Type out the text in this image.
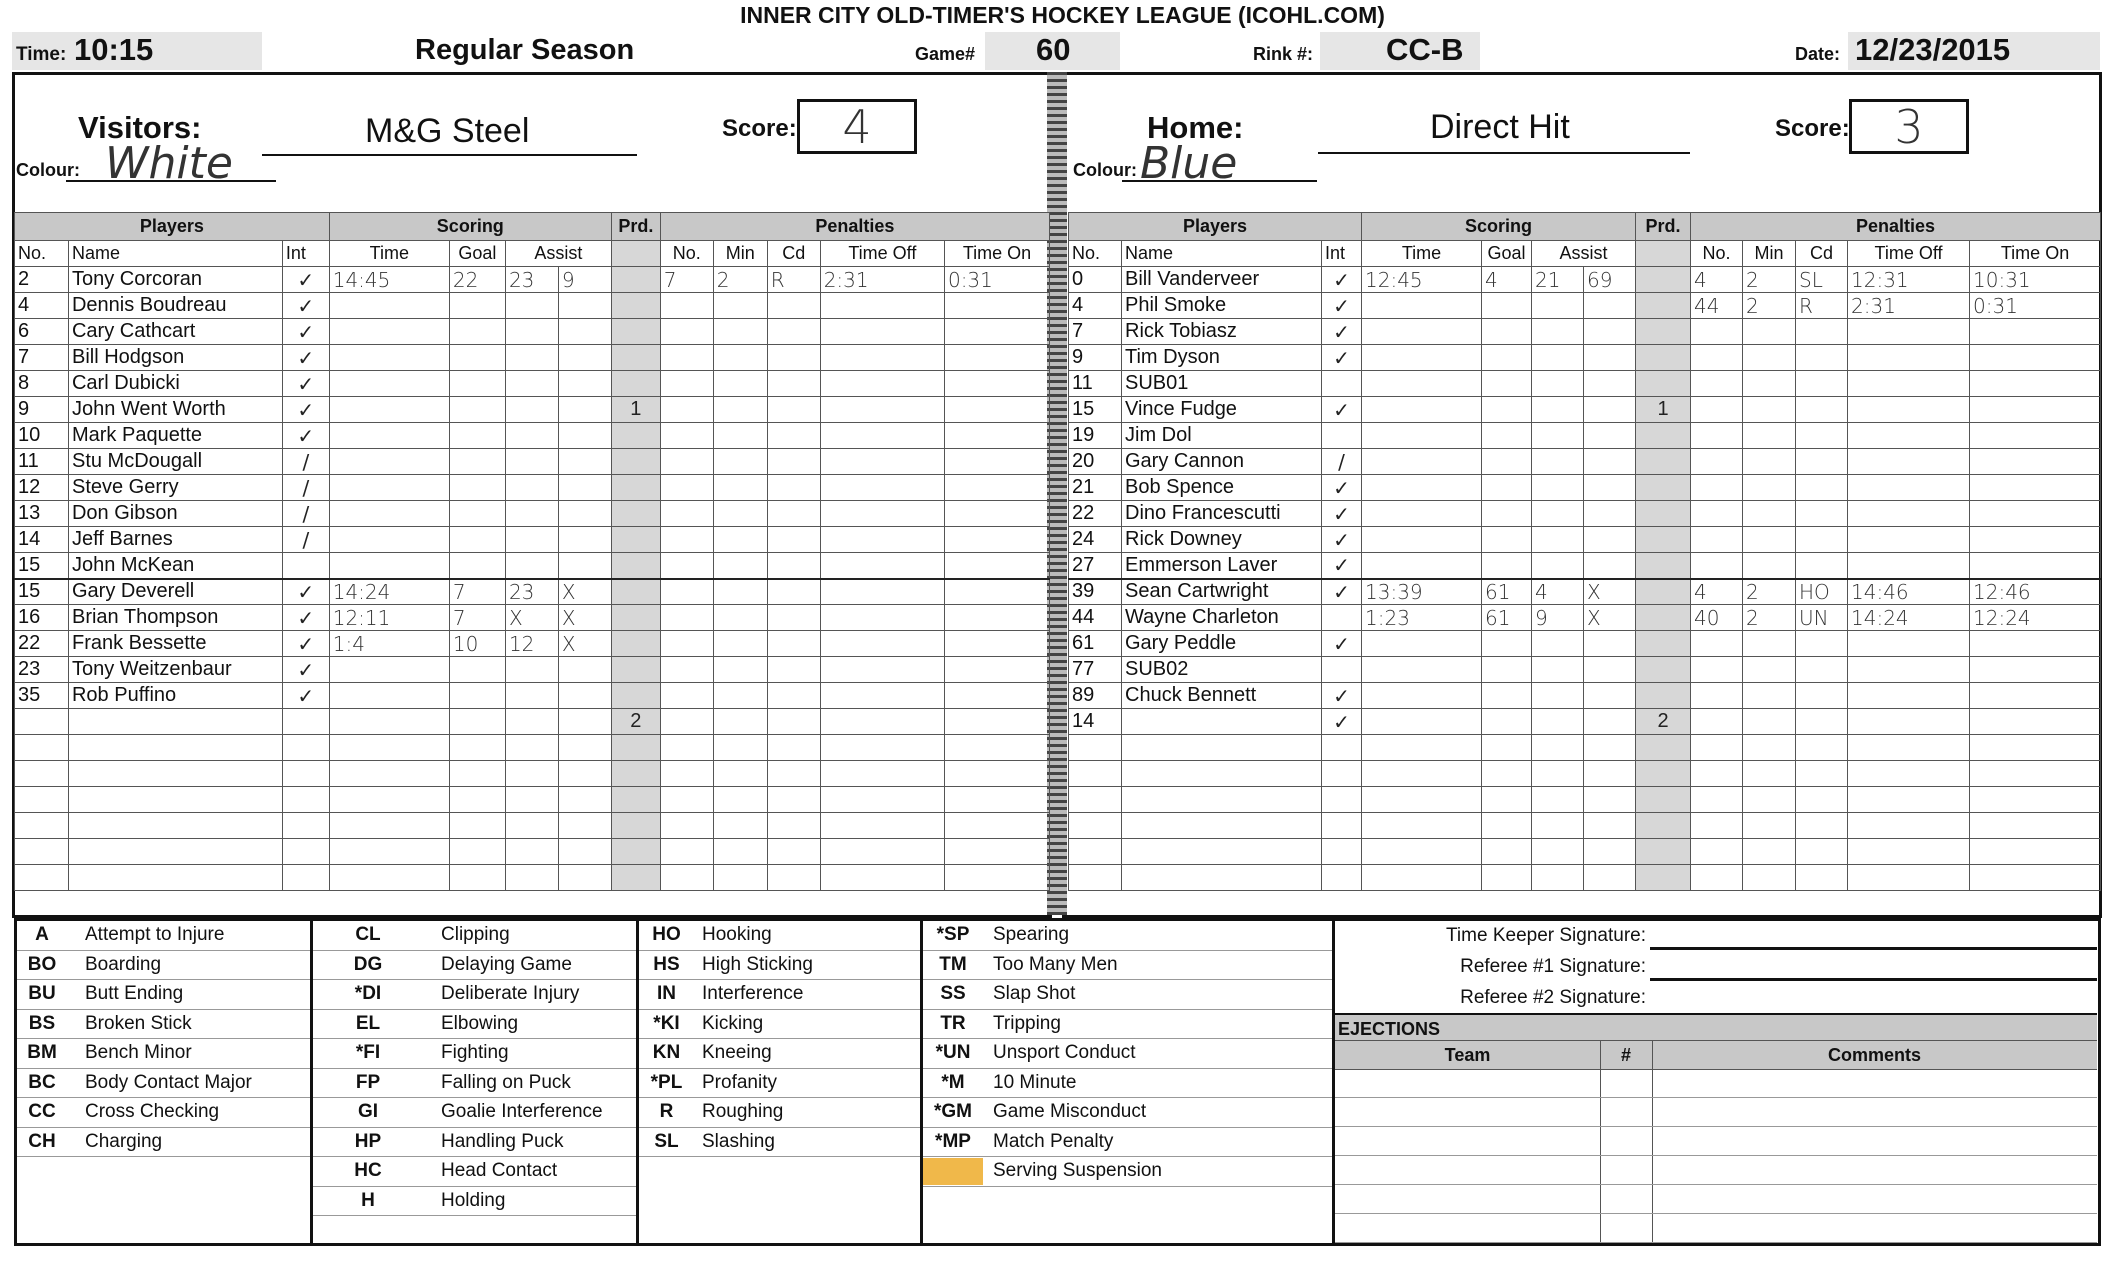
INNER CITY OLD-TIMER'S HOCKEY LEAGUE (ICOHL.COM)
Time: 10:15	Regular Season	Game# 60	Rink #: CC-B	Date: 12/23/2015
Visitors:	M&G Steel	Score: 4
Colour: White
Home:	Direct Hit	Score: 3
Colour: Blue
Players			Scoring				Prd.	Penalties				
No.	Name	Int	Time	Goal	Assist			No.	Min	Cd	Time Off	Time On
2	Tony Corcoran	✓	14:45	22	23	9		7	2	R	2:31	0:31
4	Dennis Boudreau	✓										
6	Cary Cathcart	✓										
7	Bill Hodgson	✓										
8	Carl Dubicki	✓										
9	John Went Worth	✓					1					
10	Mark Paquette	✓										
11	Stu McDougall	/										
12	Steve Gerry	/										
13	Don Gibson	/										
14	Jeff Barnes	/										
15	John McKean											
15	Gary Deverell	✓	14:24	7	23	X						
16	Brian Thompson	✓	12:11	7	X	X						
22	Frank Bessette	✓	1:4	10	12	X						
23	Tony Weitzenbaur	✓										
35	Rob Puffino	✓										
							2					

Players			Scoring				Prd.	Penalties				
No.	Name	Int	Time	Goal	Assist			No.	Min	Cd	Time Off	Time On
0	Bill Vanderveer	✓	12:45	4	21	69		4	2	SL	12:31	10:31
4	Phil Smoke	✓						44	2	R	2:31	0:31
7	Rick Tobiasz	✓										
9	Tim Dyson	✓										
11	SUB01											
15	Vince Fudge	✓					1					
19	Jim Dol											
20	Gary Cannon	/										
21	Bob Spence	✓										
22	Dino Francescutti	✓										
24	Rick Downey	✓										
27	Emmerson Laver	✓										
39	Sean Cartwright	✓	13:39	61	4	X		4	2	HO	14:46	12:46
44	Wayne Charleton		1:23	61	9	X		40	2	UN	14:24	12:24
61	Gary Peddle	✓										
77	SUB02											
89	Chuck Bennett	✓										
14		✓					2					

A	Attempt to Injure
BO	Boarding
BU	Butt Ending
BS	Broken Stick
BM	Bench Minor
BC	Body Contact Major
CC	Cross Checking
CH	Charging
CL	Clipping
DG	Delaying Game
*DI	Deliberate Injury
EL	Elbowing
*FI	Fighting
FP	Falling on Puck
GI	Goalie Interference
HP	Handling Puck
HC	Head Contact
H	Holding
HO	Hooking
HS	High Sticking
IN	Interference
*KI	Kicking
KN	Kneeing
*PL	Profanity
R	Roughing
SL	Slashing
*SP	Spearing
TM	Too Many Men
SS	Slap Shot
TR	Tripping
*UN	Unsport Conduct
*M	10 Minute
*GM	Game Misconduct
*MP	Match Penalty
Serving Suspension
Time Keeper Signature:
Referee #1 Signature:
Referee #2 Signature:
EJECTIONS
Team	#	Comments
